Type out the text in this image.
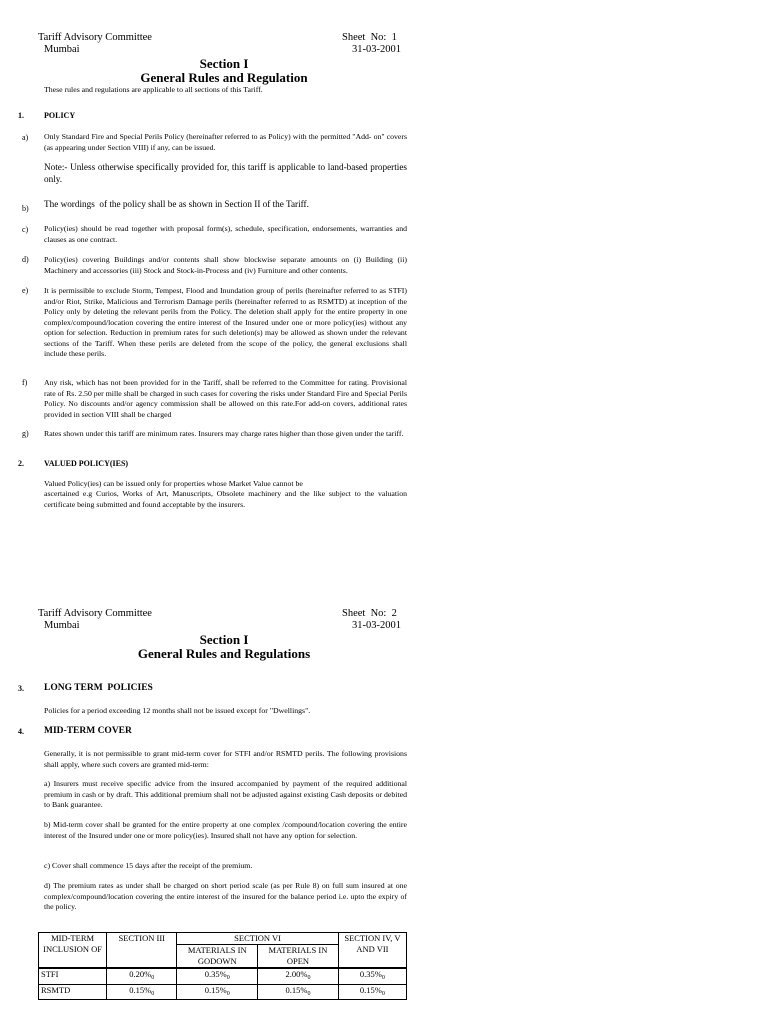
Tariff Advisory Committee
Mumbai
Sheet  No:  1
31-03-2001
Section I
General Rules and Regulation
These rules and regulations are applicable to all sections of this Tariff.
1.	POLICY
a) Only Standard Fire and Special Perils Policy (hereinafter referred to as Policy) with the permitted "Add- on" covers (as appearing under Section VIII) if any, can be issued.
Note:- Unless otherwise specifically provided for, this tariff is applicable to land-based properties only.
b) The wordings  of the policy shall be as shown in Section II of the Tariff.
c) Policy(ies) should be read together with proposal form(s), schedule, specification, endorsements, warranties and clauses as one contract.
d) Policy(ies) covering Buildings and/or contents shall show blockwise separate amounts on (i) Building (ii) Machinery and accessories (iii) Stock and Stock-in-Process and (iv) Furniture and other contents.
e) It is permissible to exclude Storm, Tempest, Flood and Inundation group of perils (hereinafter referred to as STFI) and/or Riot, Strike, Malicious and Terrorism Damage perils (hereinafter referred to as RSMTD) at inception of the Policy only by deleting the relevant perils from the Policy. The deletion shall apply for the entire property in one complex/compound/location covering the entire interest of the Insured under one or more policy(ies) without any option for selection. Reduction in premium rates for such deletion(s) may be allowed as shown under the relevant sections of the Tariff. When these perils are deleted from the scope of the policy, the general exclusions shall include these perils.
f) Any risk, which has not been provided for in the Tariff, shall be referred to the Committee for rating. Provisional rate of Rs. 2.50 per mille shall be charged in such cases for covering the risks under Standard Fire and Special Perils Policy. No discounts and/or agency commission shall be allowed on this rate.For add-on covers, additional rates provided in section VIII shall be charged
g) Rates shown under this tariff are minimum rates. Insurers may charge rates higher than those given under the tariff.
2.	VALUED POLICY(IES)
Valued Policy(ies) can be issued only for properties whose Market Value cannot be
ascertained e.g Curios, Works of Art, Manuscripts, Obsolete machinery and the like subject to the valuation certificate being submitted and found acceptable by the insurers.
Tariff Advisory Committee
Mumbai
Sheet  No:  2
31-03-2001
Section I
General Rules and Regulations
3. LONG TERM  POLICIES
Policies for a period exceeding 12 months shall not be issued except for "Dwellings".
4. MID-TERM COVER
Generally, it is not permissible to grant mid-term cover for STFI and/or RSMTD perils. The following provisions shall apply, where such covers are granted mid-term:
a) Insurers must receive specific advice from the insured accompanied by payment of the required additional premium in cash or by draft. This additional premium shall not be adjusted against existing Cash deposits or debited to Bank guarantee.
b) Mid-term cover shall be granted for the entire property at one complex /compound/location covering the entire interest of the Insured under one or more policy(ies). Insured shall not have any option for selection.
c) Cover shall commence 15 days after the receipt of the premium.
d) The premium rates as under shall be charged on short period scale (as per Rule 8) on full sum insured at one complex/compound/location covering the entire interest of the insured for the balance period i.e. upto the expiry of the policy.
MID-TERM INCLUSION OF	SECTION III	SECTION VI		SECTION IV, V AND VII
		MATERIALS IN GODOWN	MATERIALS IN OPEN	
STFI	$0.20\%_0$	$0.35\%_0$	$2.00\%_0$	$0.35\%_0$
RSMTD	$0.15\%_0$	$0.15\%_0$	$0.15\%_0$	$0.15\%_0$
